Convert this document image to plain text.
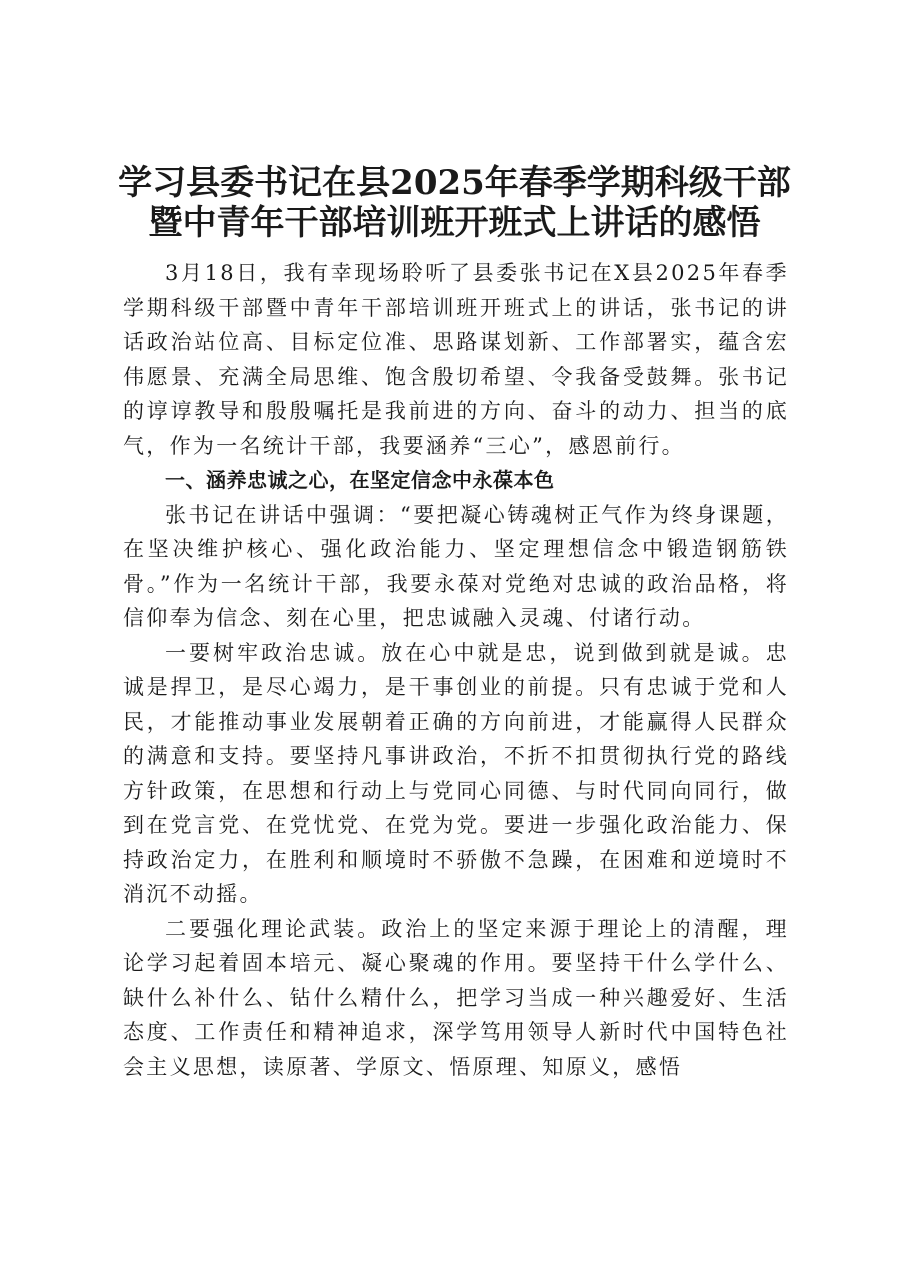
学习县委书记在县2025年春季学期科级干部
暨中青年干部培训班开班式上讲话的感悟

3月18日，我有幸现场聆听了县委张书记在X县2025年春季学期科级干部暨中青年干部培训班开班式上的讲话，张书记的讲话政治站位高、目标定位准、思路谋划新、工作部署实，蕴含宏伟愿景、充满全局思维、饱含殷切希望、令我备受鼓舞。张书记的谆谆教导和殷殷嘱托是我前进的方向、奋斗的动力、担当的底气，作为一名统计干部，我要涵养“三心”，感恩前行。

一、涵养忠诚之心，在坚定信念中永葆本色

张书记在讲话中强调：“要把凝心铸魂树正气作为终身课题，在坚决维护核心、强化政治能力、坚定理想信念中锻造钢筋铁骨。”作为一名统计干部，我要永葆对党绝对忠诚的政治品格，将信仰奉为信念、刻在心里，把忠诚融入灵魂、付诸行动。

一要树牢政治忠诚。放在心中就是忠，说到做到就是诚。忠诚是捍卫，是尽心竭力，是干事创业的前提。只有忠诚于党和人民，才能推动事业发展朝着正确的方向前进，才能赢得人民群众的满意和支持。要坚持凡事讲政治，不折不扣贯彻执行党的路线方针政策，在思想和行动上与党同心同德、与时代同向同行，做到在党言党、在党忧党、在党为党。要进一步强化政治能力、保持政治定力，在胜利和顺境时不骄傲不急躁，在困难和逆境时不消沉不动摇。

二要强化理论武装。政治上的坚定来源于理论上的清醒，理论学习起着固本培元、凝心聚魂的作用。要坚持干什么学什么、缺什么补什么、钻什么精什么，把学习当成一种兴趣爱好、生活态度、工作责任和精神追求，深学笃用领导人新时代中国特色社会主义思想，读原著、学原文、悟原理、知原义，感悟
